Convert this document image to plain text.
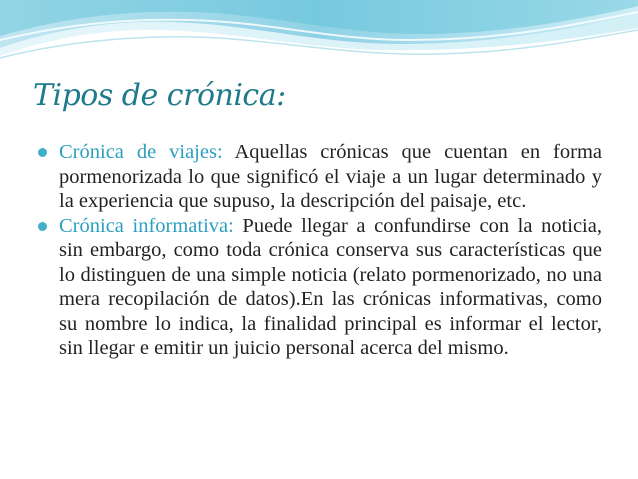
Tipos de crónica:
Crónica de viajes: Aquellas crónicas que cuentan en forma pormenorizada lo que significó el viaje a un lugar determinado y la experiencia que supuso, la descripción del paisaje, etc.
Crónica informativa: Puede llegar a confundirse con la noticia, sin embargo, como toda crónica conserva sus características que lo distinguen de una simple noticia (relato pormenorizado, no una mera recopilación de datos).En las crónicas informativas, como su nombre lo indica, la finalidad principal es informar el lector, sin llegar e emitir un juicio personal acerca del mismo.
